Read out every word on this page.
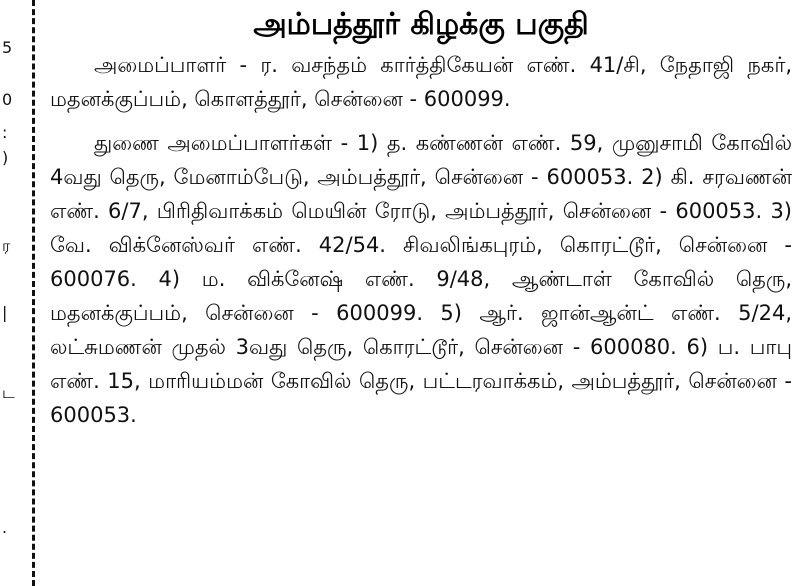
5
0
:
)
ர
|
ட
.
அம்பத்தூர் கிழக்கு பகுதி

அமைப்பாளர் - ர. வசந்தம் கார்த்திகேயன் எண். 41/சி, நேதாஜி நகர், மதனக்குப்பம், கொளத்தூர், சென்னை - 600099.

துணை அமைப்பாளர்கள் - 1) த. கண்ணன் எண். 59, முனுசாமி கோவில் 4வது தெரு, மேனாம்பேடு, அம்பத்தூர், சென்னை - 600053. 2) கி. சரவணன் எண். 6/7, பிரிதிவாக்கம் மெயின் ரோடு, அம்பத்தூர், சென்னை - 600053. 3) வே. விக்னேஸ்வர் எண். 42/54. சிவலிங்கபுரம், கொரட்டூர், சென்னை - 600076. 4) ம. விக்னேஷ் எண். 9/48, ஆண்டாள் கோவில் தெரு, மதனக்குப்பம், சென்னை - 600099. 5) ஆர். ஜான்ஆன்ட் எண். 5/24, லட்சுமணன் முதல் 3வது தெரு, கொரட்டூர், சென்னை - 600080. 6) ப. பாபு எண். 15, மாரியம்மன் கோவில் தெரு, பட்டரவாக்கம், அம்பத்தூர், சென்னை - 600053.
